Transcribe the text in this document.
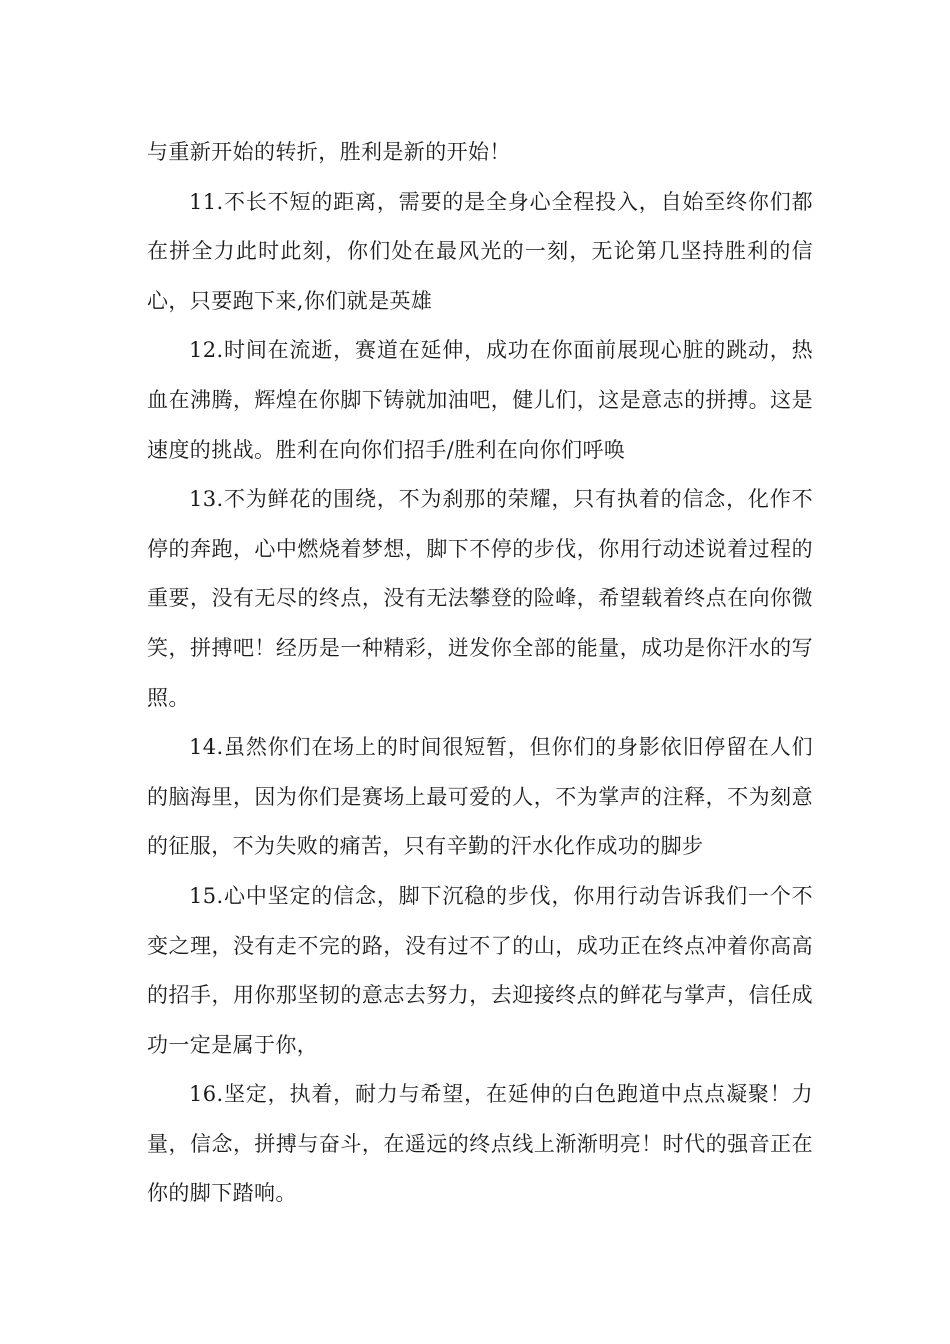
与重新开始的转折，胜利是新的开始！

11.不长不短的距离，需要的是全身心全程投入，自始至终你们都在拼全力此时此刻，你们处在最风光的一刻，无论第几坚持胜利的信心，只要跑下来,你们就是英雄

12.时间在流逝，赛道在延伸，成功在你面前展现心脏的跳动，热血在沸腾，辉煌在你脚下铸就加油吧，健儿们，这是意志的拼搏。这是速度的挑战。胜利在向你们招手/胜利在向你们呼唤

13.不为鲜花的围绕，不为刹那的荣耀，只有执着的信念，化作不停的奔跑，心中燃烧着梦想，脚下不停的步伐，你用行动述说着过程的重要，没有无尽的终点，没有无法攀登的险峰，希望载着终点在向你微笑，拼搏吧！经历是一种精彩，迸发你全部的能量，成功是你汗水的写照。

14.虽然你们在场上的时间很短暂，但你们的身影依旧停留在人们的脑海里，因为你们是赛场上最可爱的人，不为掌声的注释，不为刻意的征服，不为失败的痛苦，只有辛勤的汗水化作成功的脚步

15.心中坚定的信念，脚下沉稳的步伐，你用行动告诉我们一个不变之理，没有走不完的路，没有过不了的山，成功正在终点冲着你高高的招手，用你那坚韧的意志去努力，去迎接终点的鲜花与掌声，信任成功一定是属于你，

16.坚定，执着，耐力与希望，在延伸的白色跑道中点点凝聚！力量，信念，拼搏与奋斗，在遥远的终点线上渐渐明亮！时代的强音正在你的脚下踏响。
